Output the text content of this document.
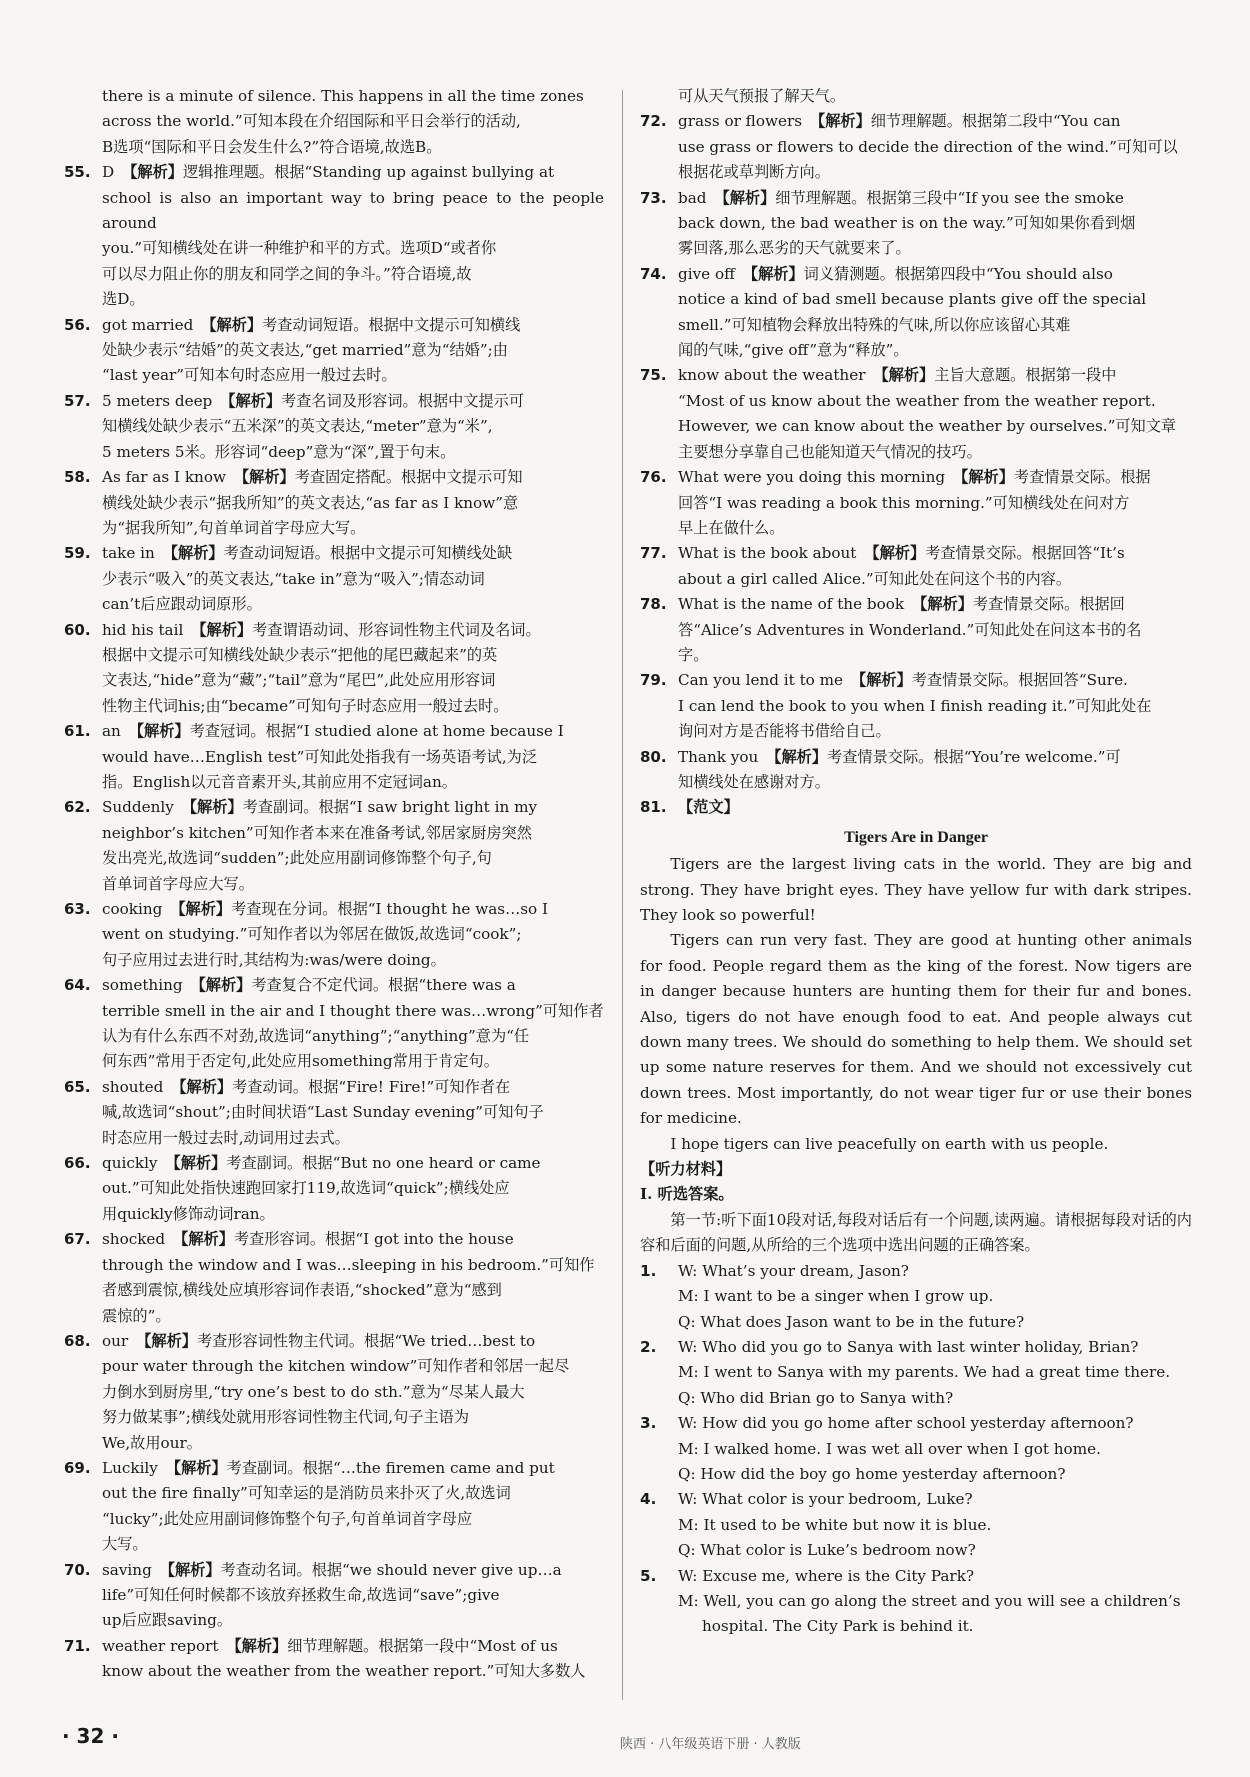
there is a minute of silence. This happens in all the time zones
across the world.”可知本段在介绍国际和平日会举行的活动,
B选项“国际和平日会发生什么?”符合语境,故选B。
55. D 【解析】逻辑推理题。根据“Standing up against bullying at
school is also an important way to bring peace to the people around
you.”可知横线处在讲一种维护和平的方式。选项D“或者你
可以尽力阻止你的朋友和同学之间的争斗。”符合语境,故
选D。
56. got married 【解析】考查动词短语。根据中文提示可知横线
处缺少表示“结婚”的英文表达,“get married”意为“结婚”;由
“last year”可知本句时态应用一般过去时。
57. 5 meters deep 【解析】考查名词及形容词。根据中文提示可
知横线处缺少表示“五米深”的英文表达,“meter”意为“米”,
5 meters 5米。形容词“deep”意为“深”,置于句末。
58. As far as I know 【解析】考查固定搭配。根据中文提示可知
横线处缺少表示“据我所知”的英文表达,“as far as I know”意
为“据我所知”,句首单词首字母应大写。
59. take in 【解析】考查动词短语。根据中文提示可知横线处缺
少表示“吸入”的英文表达,“take in”意为“吸入”;情态动词
can’t后应跟动词原形。
60. hid his tail 【解析】考查谓语动词、形容词性物主代词及名词。
根据中文提示可知横线处缺少表示“把他的尾巴藏起来”的英
文表达,“hide”意为“藏”;“tail”意为“尾巴”,此处应用形容词
性物主代词his;由“became”可知句子时态应用一般过去时。
61. an 【解析】考查冠词。根据“I studied alone at home because I
would have…English test”可知此处指我有一场英语考试,为泛
指。English以元音音素开头,其前应用不定冠词an。
62. Suddenly 【解析】考查副词。根据“I saw bright light in my
neighbor’s kitchen”可知作者本来在准备考试,邻居家厨房突然
发出亮光,故选词“sudden”;此处应用副词修饰整个句子,句
首单词首字母应大写。
63. cooking 【解析】考查现在分词。根据“I thought he was…so I
went on studying.”可知作者以为邻居在做饭,故选词“cook”;
句子应用过去进行时,其结构为:was/were doing。
64. something 【解析】考查复合不定代词。根据“there was a
terrible smell in the air and I thought there was…wrong”可知作者
认为有什么东西不对劲,故选词“anything”;“anything”意为“任
何东西”常用于否定句,此处应用something常用于肯定句。
65. shouted 【解析】考查动词。根据“Fire! Fire!”可知作者在
喊,故选词“shout”;由时间状语“Last Sunday evening”可知句子
时态应用一般过去时,动词用过去式。
66. quickly 【解析】考查副词。根据“But no one heard or came
out.”可知此处指快速跑回家打119,故选词“quick”;横线处应
用quickly修饰动词ran。
67. shocked 【解析】考查形容词。根据“I got into the house
through the window and I was…sleeping in his bedroom.”可知作
者感到震惊,横线处应填形容词作表语,“shocked”意为“感到
震惊的”。
68. our 【解析】考查形容词性物主代词。根据“We tried…best to
pour water through the kitchen window”可知作者和邻居一起尽
力倒水到厨房里,“try one’s best to do sth.”意为“尽某人最大
努力做某事”;横线处就用形容词性物主代词,句子主语为
We,故用our。
69. Luckily 【解析】考查副词。根据“…the firemen came and put
out the fire finally”可知幸运的是消防员来扑灭了火,故选词
“lucky”;此处应用副词修饰整个句子,句首单词首字母应
大写。
70. saving 【解析】考查动名词。根据“we should never give up…a
life”可知任何时候都不该放弃拯救生命,故选词“save”;give
up后应跟saving。
71. weather report 【解析】细节理解题。根据第一段中“Most of us
know about the weather from the weather report.”可知大多数人
可从天气预报了解天气。
72. grass or flowers 【解析】细节理解题。根据第二段中“You can
use grass or flowers to decide the direction of the wind.”可知可以
根据花或草判断方向。
73. bad 【解析】细节理解题。根据第三段中“If you see the smoke
back down, the bad weather is on the way.”可知如果你看到烟
雾回落,那么恶劣的天气就要来了。
74. give off 【解析】词义猜测题。根据第四段中“You should also
notice a kind of bad smell because plants give off the special
smell.”可知植物会释放出特殊的气味,所以你应该留心其难
闻的气味,“give off”意为“释放”。
75. know about the weather 【解析】主旨大意题。根据第一段中
“Most of us know about the weather from the weather report.
However, we can know about the weather by ourselves.”可知文章
主要想分享靠自己也能知道天气情况的技巧。
76. What were you doing this morning 【解析】考查情景交际。根据
回答“I was reading a book this morning.”可知横线处在问对方
早上在做什么。
77. What is the book about 【解析】考查情景交际。根据回答“It’s
about a girl called Alice.”可知此处在问这个书的内容。
78. What is the name of the book 【解析】考查情景交际。根据回
答“Alice’s Adventures in Wonderland.”可知此处在问这本书的名
字。
79. Can you lend it to me 【解析】考查情景交际。根据回答“Sure.
I can lend the book to you when I finish reading it.”可知此处在
询问对方是否能将书借给自己。
80. Thank you 【解析】考查情景交际。根据“You’re welcome.”可
知横线处在感谢对方。
81. 【范文】
Tigers Are in Danger
Tigers are the largest living cats in the world. They are big and strong. They have bright eyes. They have yellow fur with dark stripes. They look so powerful!
Tigers can run very fast. They are good at hunting other animals for food. People regard them as the king of the forest. Now tigers are in danger because hunters are hunting them for their fur and bones. Also, tigers do not have enough food to eat. And people always cut down many trees. We should do something to help them. We should set up some nature reserves for them. And we should not excessively cut down trees. Most importantly, do not wear tiger fur or use their bones for medicine.
I hope tigers can live peacefully on earth with us people.
【听力材料】
Ⅰ. 听选答案。
第一节:听下面10段对话,每段对话后有一个问题,读两遍。请根据每段对话的内容和后面的问题,从所给的三个选项中选出问题的正确答案。
1. W: What’s your dream, Jason?
M: I want to be a singer when I grow up.
Q: What does Jason want to be in the future?
2. W: Who did you go to Sanya with last winter holiday, Brian?
M: I went to Sanya with my parents. We had a great time there.
Q: Who did Brian go to Sanya with?
3. W: How did you go home after school yesterday afternoon?
M: I walked home. I was wet all over when I got home.
Q: How did the boy go home yesterday afternoon?
4. W: What color is your bedroom, Luke?
M: It used to be white but now it is blue.
Q: What color is Luke’s bedroom now?
5. W: Excuse me, where is the City Park?
M: Well, you can go along the street and you will see a children’s
hospital. The City Park is behind it.
· 32 ·	陕西 · 八年级英语下册 · 人教版
